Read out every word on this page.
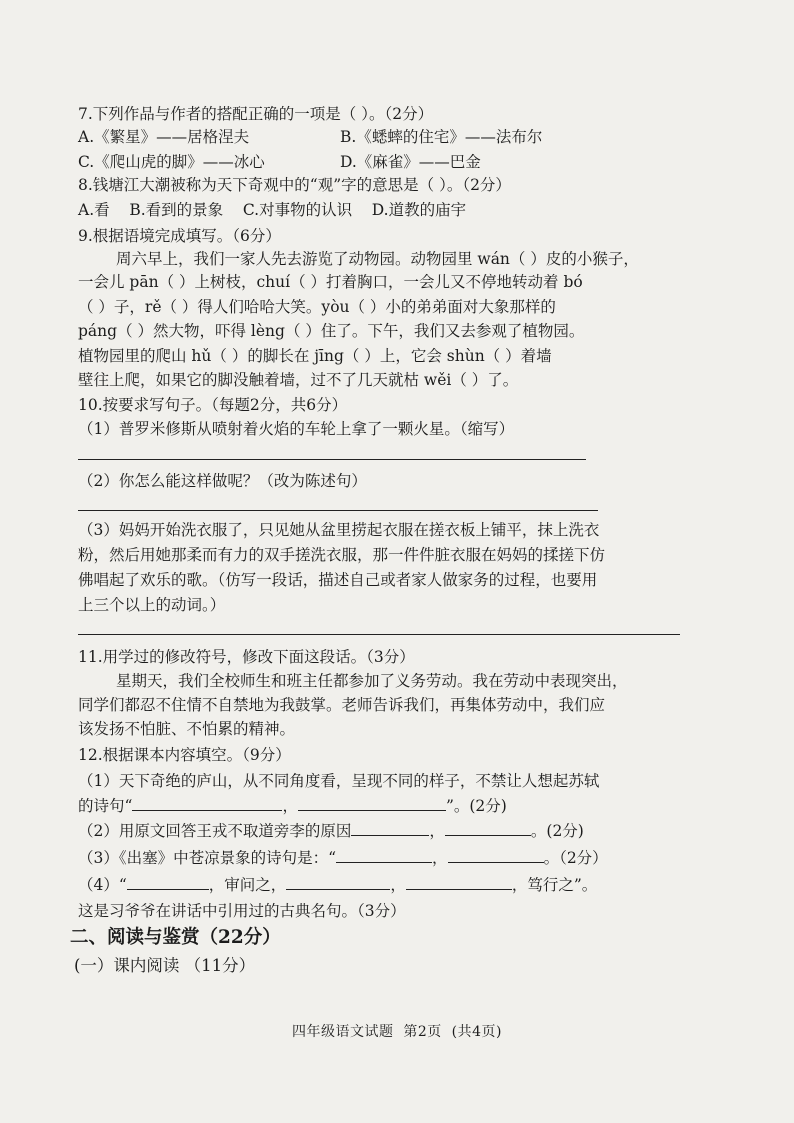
7.下列作品与作者的搭配正确的一项是（ ）。（2分）
A.《繁星》——居格涅夫	B.《蟋蟀的住宅》——法布尔
C.《爬山虎的脚》——冰心	D.《麻雀》——巴金
8.钱塘江大潮被称为天下奇观中的“观”字的意思是（ ）。（2分）
A.看    B.看到的景象    C.对事物的认识    D.道教的庙宇
9.根据语境完成填写。（6分）
周六早上，我们一家人先去游览了动物园。动物园里 wán（ ）皮的小猴子，
一会儿 pān（ ）上树枝，chuí（ ）打着胸口，一会儿又不停地转动着 bó
（ ）子，rě（ ）得人们哈哈大笑。yòu（ ）小的弟弟面对大象那样的
páng（ ）然大物，吓得 lèng（ ）住了。下午，我们又去参观了植物园。
植物园里的爬山 hǔ（ ）的脚长在 jīng（ ）上，它会 shùn（ ）着墙
壁往上爬，如果它的脚没触着墙，过不了几天就枯 wěi（ ）了。
10.按要求写句子。（每题2分，共6分）
（1）普罗米修斯从喷射着火焰的车轮上拿了一颗火星。（缩写）
（2）你怎么能这样做呢？（改为陈述句）
（3）妈妈开始洗衣服了，只见她从盆里捞起衣服在搓衣板上铺平，抹上洗衣
粉，然后用她那柔而有力的双手搓洗衣服，那一件件脏衣服在妈妈的揉搓下仿
佛唱起了欢乐的歌。（仿写一段话，描述自己或者家人做家务的过程，也要用
上三个以上的动词。）
11.用学过的修改符号，修改下面这段话。（3分）
星期天，我们全校师生和班主任都参加了义务劳动。我在劳动中表现突出，
同学们都忍不住情不自禁地为我鼓掌。老师告诉我们，再集体劳动中，我们应
该发扬不怕脏、不怕累的精神。
12.根据课本内容填空。（9分）
（1）天下奇绝的庐山，从不同角度看，呈现不同的样子，不禁让人想起苏轼
的诗句“	，	”。(2分)
（2）用原文回答王戎不取道旁李的原因	，	。(2分)
（3）《出塞》中苍凉景象的诗句是：“	，	。（2分）
（4）“	，审问之，	，	，笃行之”。
这是习爷爷在讲话中引用过的古典名句。（3分）
二、阅读与鉴赏（22分）
(一）课内阅读 （11分）
四年级语文试题  第2页  (共4页)
